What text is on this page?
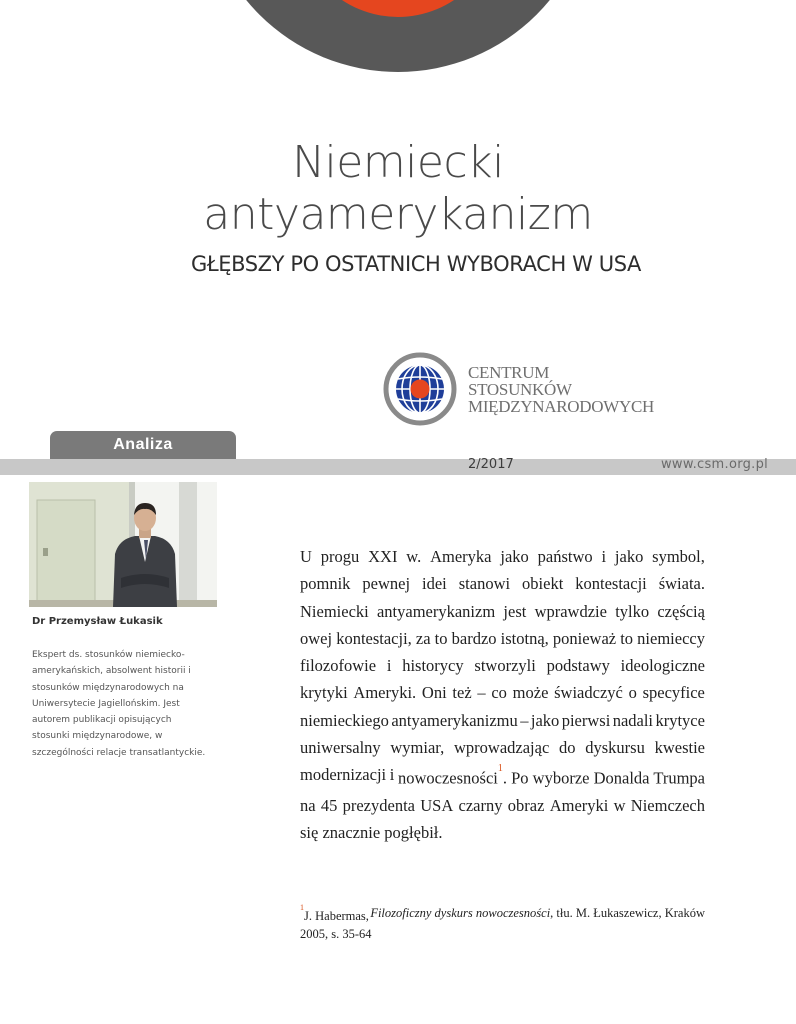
Niemiecki
antyamerykanizm
GŁĘBSZY PO OSTATNICH WYBORACH W USA
CENTRUM
STOSUNKÓW
MIĘDZYNARODOWYCH
Analiza
2/2017	www.csm.org.pl
Dr Przemysław Łukasik
Ekspert ds. stosunków niemiecko-
amerykańskich, absolwent historii i
stosunków międzynarodowych na
Uniwersytecie Jagiellońskim. Jest
autorem publikacji opisujących
stosunki międzynarodowe, w
szczególności relacje transatlantyckie.
U progu XXI w. Ameryka jako państwo i jako symbol,
pomnik pewnej idei stanowi obiekt kontestacji świata.
Niemiecki antyamerykanizm jest wprawdzie tylko częścią
owej kontestacji, za to bardzo istotną, ponieważ to niemieccy
filozofowie i historycy stworzyli podstawy ideologiczne
krytyki Ameryki. Oni też – co może świadczyć o specyfice
niemieckiego antyamerykanizmu – jako pierwsi nadali krytyce
uniwersalny wymiar, wprowadzając do dyskursu kwestie
modernizacji i nowoczesności$^1$. Po wyborze Donalda Trumpa
na 45 prezydenta USA czarny obraz Ameryki w Niemczech
się znacznie pogłębił.
$^1$J. Habermas, Filozoficzny dyskurs nowoczesności, tłu. M. Łukaszewicz, Kraków
2005, s. 35-64
